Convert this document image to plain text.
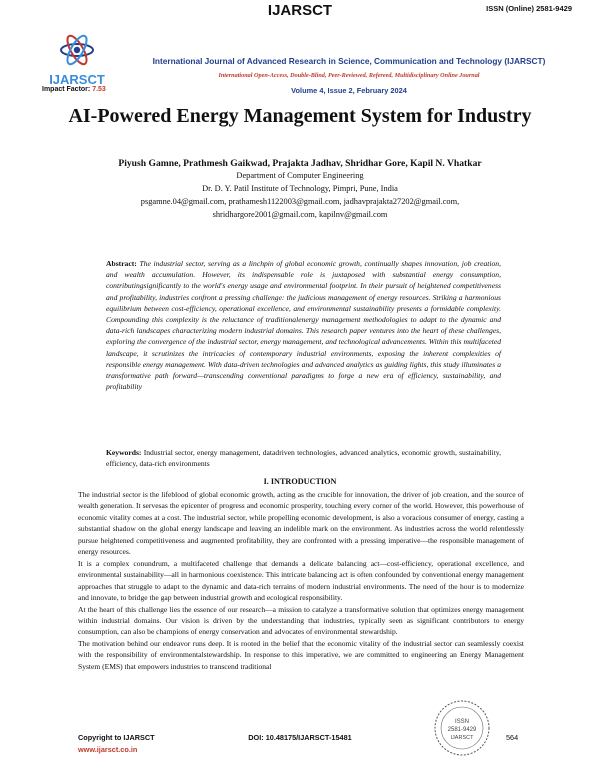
IJARSCT
IJARSCT	ISSN (Online) 2581-9429
International Journal of Advanced Research in Science, Communication and Technology (IJARSCT)
International Open-Access, Double-Blind, Peer-Reviewed, Refereed, Multidisciplinary Online Journal
Impact Factor: 7.53	Volume 4, Issue 2, February 2024
AI-Powered Energy Management System for Industry
Piyush Gamne, Prathmesh Gaikwad, Prajakta Jadhav, Shridhar Gore, Kapil N. Vhatkar
Department of Computer Engineering
Dr. D. Y. Patil Institute of Technology, Pimpri, Pune, India
psgamne.04@gmail.com, prathamesh1122003@gmail.com, jadhavprajakta27202@gmail.com,
shridhargore2001@gmail.com, kapilnv@gmail.com
Abstract: The industrial sector, serving as a linchpin of global economic growth, continually shapes innovation, job creation, and wealth accumulation. However, its indispensable role is juxtaposed with substantial energy consumption, contributingsignificantly to the world's energy usage and environmental footprint. In their pursuit of heightened competitiveness and profitability, industries confront a pressing challenge: the judicious management of energy resources. Striking a harmonious equilibrium between cost-efficiency, operational excellence, and environmental sustainability presents a formidable complexity. Compounding this complexity is the reluctance of traditionalenergy management methodologies to adapt to the dynamic and data-rich landscapes characterizing modern industrial domains. This research paper ventures into the heart of these challenges, exploring the convergence of the industrial sector, energy management, and technological advancements. Within this multifaceted landscape, it scrutinizes the intricacies of contemporary industrial environments, exposing the inherent complexities of responsible energy management. With data-driven technologies and advanced analytics as guiding lights, this study illuminates a transformative path forward—transcending conventional paradigms to forge a new era of efficiency, sustainability, and profitability
Keywords: Industrial sector, energy management, datadriven technologies, advanced analytics, economic growth, sustainability, efficiency, data-rich environments
I. INTRODUCTION

The industrial sector is the lifeblood of global economic growth, acting as the crucible for innovation, the driver of job creation, and the source of wealth generation. It servesas the epicenter of progress and economic prosperity, touching every corner of the world. However, this powerhouse of economic vitality comes at a cost. The industrial sector, while propelling economic development, is also a voracious consumer of energy, casting a substantial shadow on the global energy landscape and leaving an indelible mark on the environment. As industries across the world relentlessly pursue heightened competitiveness and augmented profitability, they are confronted with a pressing imperative—the responsible management of energy resources.

It is a complex conundrum, a multifaceted challenge that demands a delicate balancing act—cost-efficiency, operational excellence, and environmental sustainability—all in harmonious coexistence. This intricate balancing act is often confounded by conventional energy management approaches that struggle to adapt to the dynamic and data-rich terrains of modern industrial environments. The need of the hour is to modernize and innovate, to bridge the gap between industrial growth and ecological responsibility.

At the heart of this challenge lies the essence of our research—a mission to catalyze a transformative solution that optimizes energy management within industrial domains. Our vision is driven by the understanding that industries, typically seen as significant contributors to energy consumption, can also be champions of energy conservation and advocates of environmental stewardship.

The motivation behind our endeavor runs deep. It is rooted in the belief that the economic vitality of the industrial sector can seamlessly coexist with the responsibility of environmentalstewardship. In response to this imperative, we are committed to engineering an Energy Management System (EMS) that empowers industries to transcend traditional

Copyright to IJARSCT
www.ijarsct.co.in
DOI: 10.48175/IJARSCT-15481	564
ISSN
2581-9429
IJARSCT
